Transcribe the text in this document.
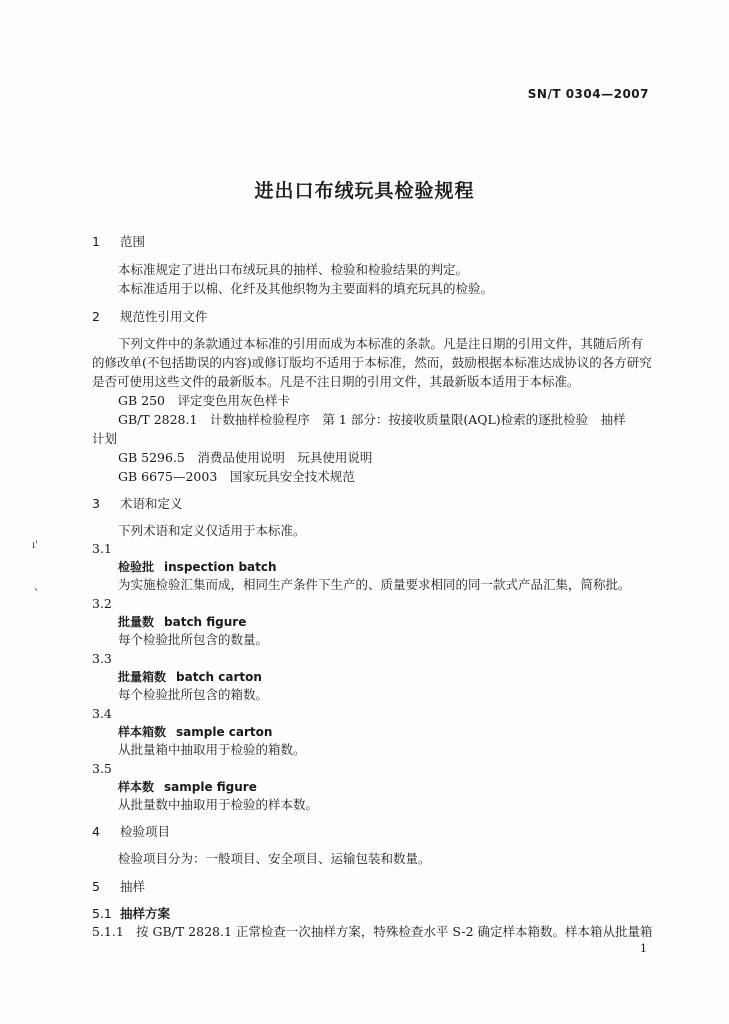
SN/T 0304—2007
进出口布绒玩具检验规程
1 范围
本标准规定了进出口布绒玩具的抽样、检验和检验结果的判定。
本标准适用于以棉、化纤及其他织物为主要面料的填充玩具的检验。
2 规范性引用文件
下列文件中的条款通过本标准的引用而成为本标准的条款。凡是注日期的引用文件，其随后所有
的修改单(不包括勘误的内容)或修订版均不适用于本标准，然而，鼓励根据本标准达成协议的各方研究
是否可使用这些文件的最新版本。凡是不注日期的引用文件，其最新版本适用于本标准。
GB 250　评定变色用灰色样卡
GB/T 2828.1　计数抽样检验程序　第 1 部分：按接收质量限(AQL)检索的逐批检验　抽样
计划
GB 5296.5　消费品使用说明　玩具使用说明
GB 6675—2003　国家玩具安全技术规范
3 术语和定义
下列术语和定义仅适用于本标准。
ı'
、
3.1
检验批 inspection batch
为实施检验汇集而成，相同生产条件下生产的、质量要求相同的同一款式产品汇集，简称批。
3.2
批量数 batch figure
每个检验批所包含的数量。
3.3
批量箱数 batch carton
每个检验批所包含的箱数。
3.4
样本箱数 sample carton
从批量箱中抽取用于检验的箱数。
3.5
样本数 sample figure
从批量数中抽取用于检验的样本数。
4 检验项目
检验项目分为：一般项目、安全项目、运输包装和数量。
5 抽样
5.1 抽样方案
5.1.1 按 GB/T 2828.1 正常检查一次抽样方案，特殊检查水平 S-2 确定样本箱数。样本箱从批量箱
1
